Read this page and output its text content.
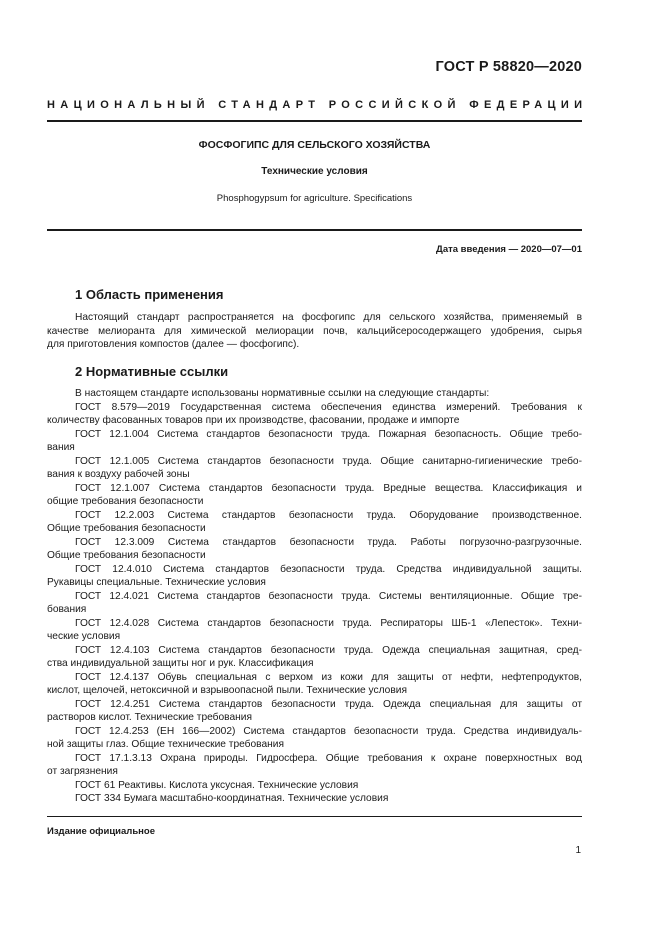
ГОСТ Р 58820—2020
НАЦИОНАЛЬНЫЙ СТАНДАРТ РОССИЙСКОЙ ФЕДЕРАЦИИ
ФОСФОГИПС ДЛЯ СЕЛЬСКОГО ХОЗЯЙСТВА
Технические условия
Phosphogypsum for agriculture. Specifications
Дата введения — 2020—07—01
1 Область применения
Настоящий стандарт распространяется на фосфогипс для сельского хозяйства, применяемый в
качестве мелиоранта для химической мелиорации почв, кальцийсеросодержащего удобрения, сырья
для приготовления компостов (далее — фосфогипс).
2 Нормативные ссылки
В настоящем стандарте использованы нормативные ссылки на следующие стандарты:
ГОСТ 8.579—2019 Государственная система обеспечения единства измерений. Требования к
количеству фасованных товаров при их производстве, фасовании, продаже и импорте
ГОСТ 12.1.004 Система стандартов безопасности труда. Пожарная безопасность. Общие требо-
вания
ГОСТ 12.1.005 Система стандартов безопасности труда. Общие санитарно-гигиенические требо-
вания к воздуху рабочей зоны
ГОСТ 12.1.007 Система стандартов безопасности труда. Вредные вещества. Классификация и
общие требования безопасности
ГОСТ 12.2.003 Система стандартов безопасности труда. Оборудование производственное.
Общие требования безопасности
ГОСТ 12.3.009 Система стандартов безопасности труда. Работы погрузочно-разгрузочные.
Общие требования безопасности
ГОСТ 12.4.010 Система стандартов безопасности труда. Средства индивидуальной защиты.
Рукавицы специальные. Технические условия
ГОСТ 12.4.021 Система стандартов безопасности труда. Системы вентиляционные. Общие тре-
бования
ГОСТ 12.4.028 Система стандартов безопасности труда. Респираторы ШБ-1 «Лепесток». Техни-
ческие условия
ГОСТ 12.4.103 Система стандартов безопасности труда. Одежда специальная защитная, сред-
ства индивидуальной защиты ног и рук. Классификация
ГОСТ 12.4.137 Обувь специальная с верхом из кожи для защиты от нефти, нефтепродуктов,
кислот, щелочей, нетоксичной и взрывоопасной пыли. Технические условия
ГОСТ 12.4.251 Система стандартов безопасности труда. Одежда специальная для защиты от
растворов кислот. Технические требования
ГОСТ 12.4.253 (EH 166—2002) Система стандартов безопасности труда. Средства индивидуаль-
ной защиты глаз. Общие технические требования
ГОСТ 17.1.3.13 Охрана природы. Гидросфера. Общие требования к охране поверхностных вод
от загрязнения
ГОСТ 61 Реактивы. Кислота уксусная. Технические условия
ГОСТ 334 Бумага масштабно-координатная. Технические условия
Издание официальное
1
